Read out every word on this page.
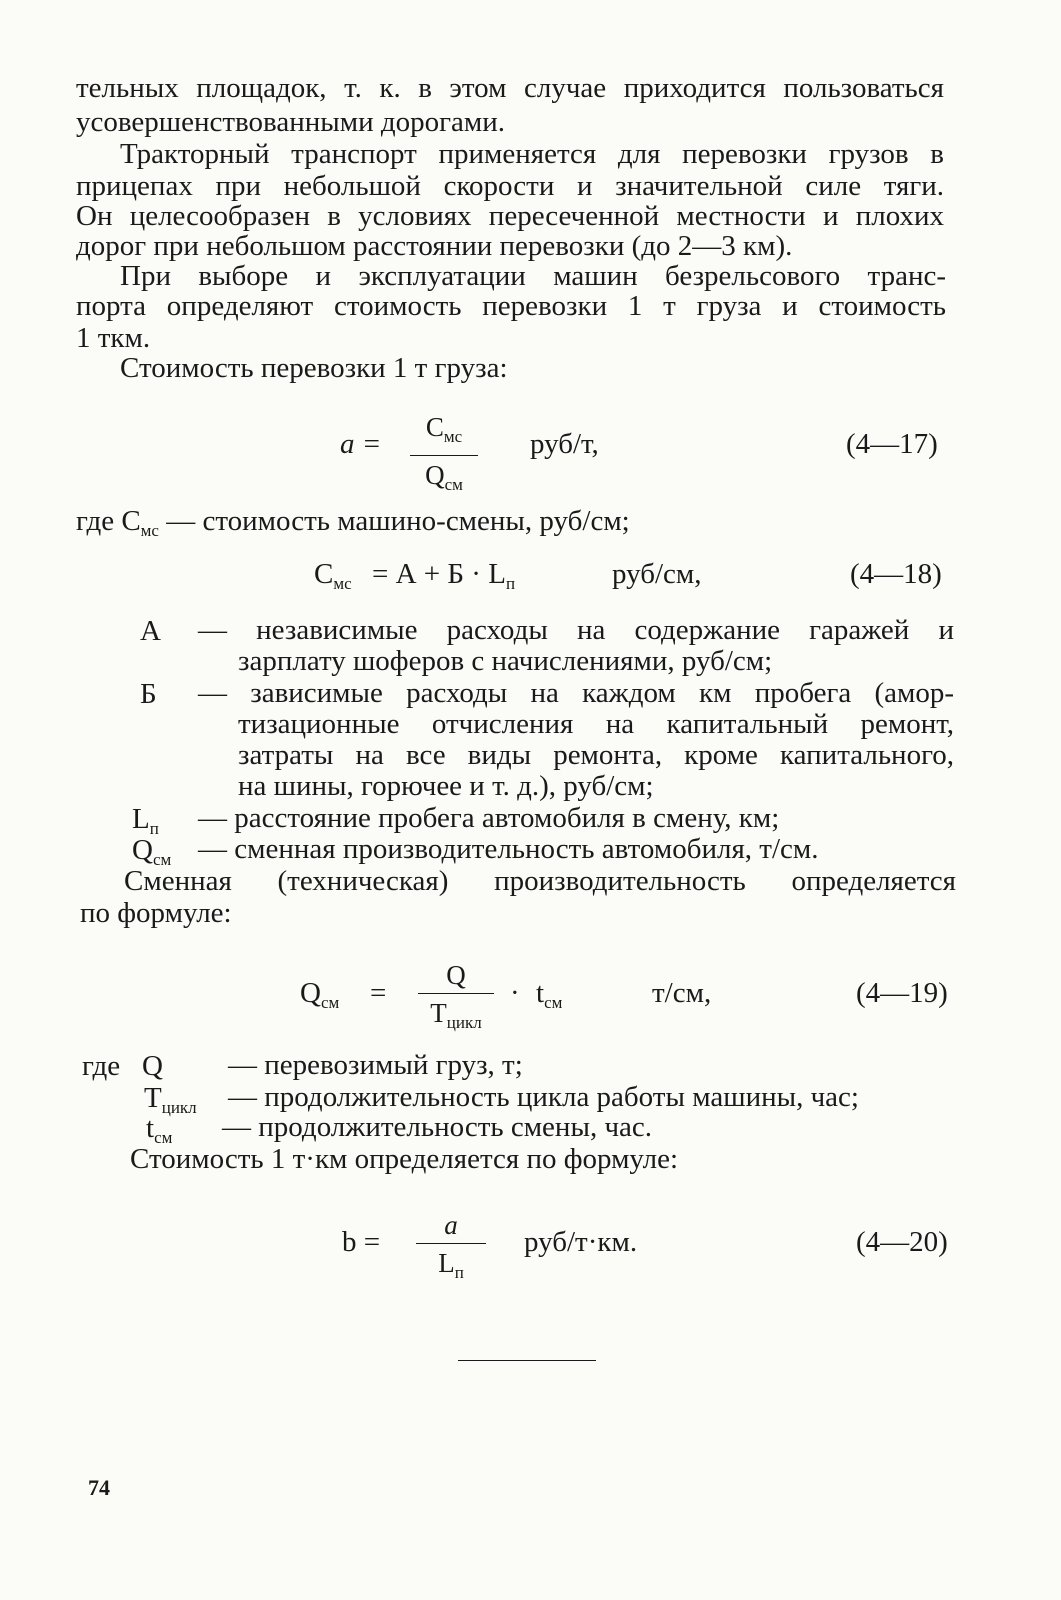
тельных площадок, т. к. в этом случае приходится пользоваться
усовершенствованными дорогами.
Тракторный транспорт применяется для перевозки грузов в
прицепах при небольшой скорости и значительной силе тяги.
Он целесообразен в условиях пересеченной местности и плохих
дорог при небольшом расстоянии перевозки (до 2—3 км).
При выборе и эксплуатации машин безрельсового транс-
порта определяют стоимость перевозки 1 т груза и стоимость
1 ткм.
Стоимость перевозки 1 т груза:
a =
$С_{мс}$
$Q_{см}$
руб/т,	(4—17)
где $С_{мс}$ — стоимость машино-смены, руб/см;
$С_{мс} = А + Б \cdot L_п$	руб/см,	(4—18)
А — независимые расходы на содержание гаражей и
зарплату шоферов с начислениями, руб/см;
Б — зависимые расходы на каждом км пробега (амор-
тизационные отчисления на капитальный ремонт,
затраты на все виды ремонта, кроме капитального,
на шины, горючее и т. д.), руб/см;
$L_п$ — расстояние пробега автомобиля в смену, км;
$Q_{см}$ — сменная производительность автомобиля, т/см.
Сменная (техническая) производительность определяется
по формуле:
$Q_{см}$ =
Q
$Т_{цикл}$
· $t_{см}$	т/см,	(4—19)
где Q — перевозимый груз, т;
$Т_{цикл}$ — продолжительность цикла работы машины, час;
$t_{см}$ — продолжительность смены, час.
Стоимость 1 т·км определяется по формуле:
b =
a
$L_п$
руб/т·км.	(4—20)
74
